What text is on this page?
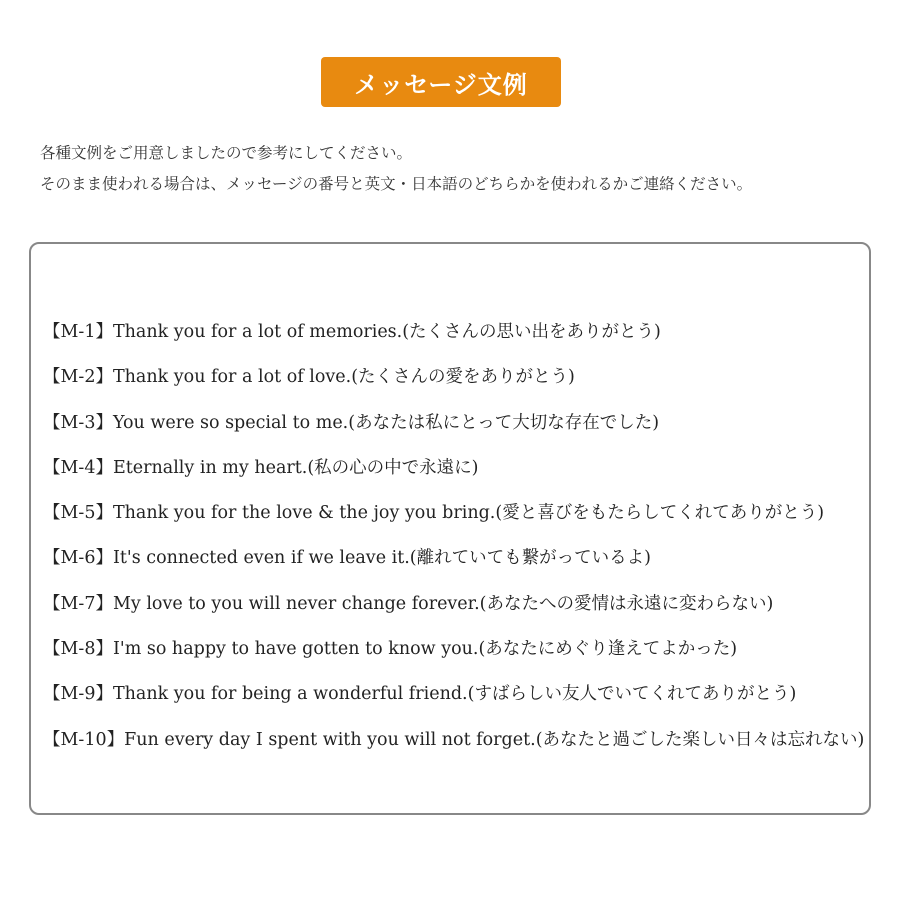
メッセージ文例
各種文例をご用意しましたので参考にしてください。
そのまま使われる場合は、メッセージの番号と英文・日本語のどちらかを使われるかご連絡ください。
【M-1】Thank you for a lot of memories.(たくさんの思い出をありがとう)
【M-2】Thank you for a lot of love.(たくさんの愛をありがとう)
【M-3】You were so special to me.(あなたは私にとって大切な存在でした)
【M-4】Eternally in my heart.(私の心の中で永遠に)
【M-5】Thank you for the love & the joy you bring.(愛と喜びをもたらしてくれてありがとう)
【M-6】It's connected even if we leave it.(離れていても繋がっているよ)
【M-7】My love to you will never change forever.(あなたへの愛情は永遠に変わらない)
【M-8】I'm so happy to have gotten to know you.(あなたにめぐり逢えてよかった)
【M-9】Thank you for being a wonderful friend.(すばらしい友人でいてくれてありがとう)
【M-10】Fun every day I spent with you will not forget.(あなたと過ごした楽しい日々は忘れない)
